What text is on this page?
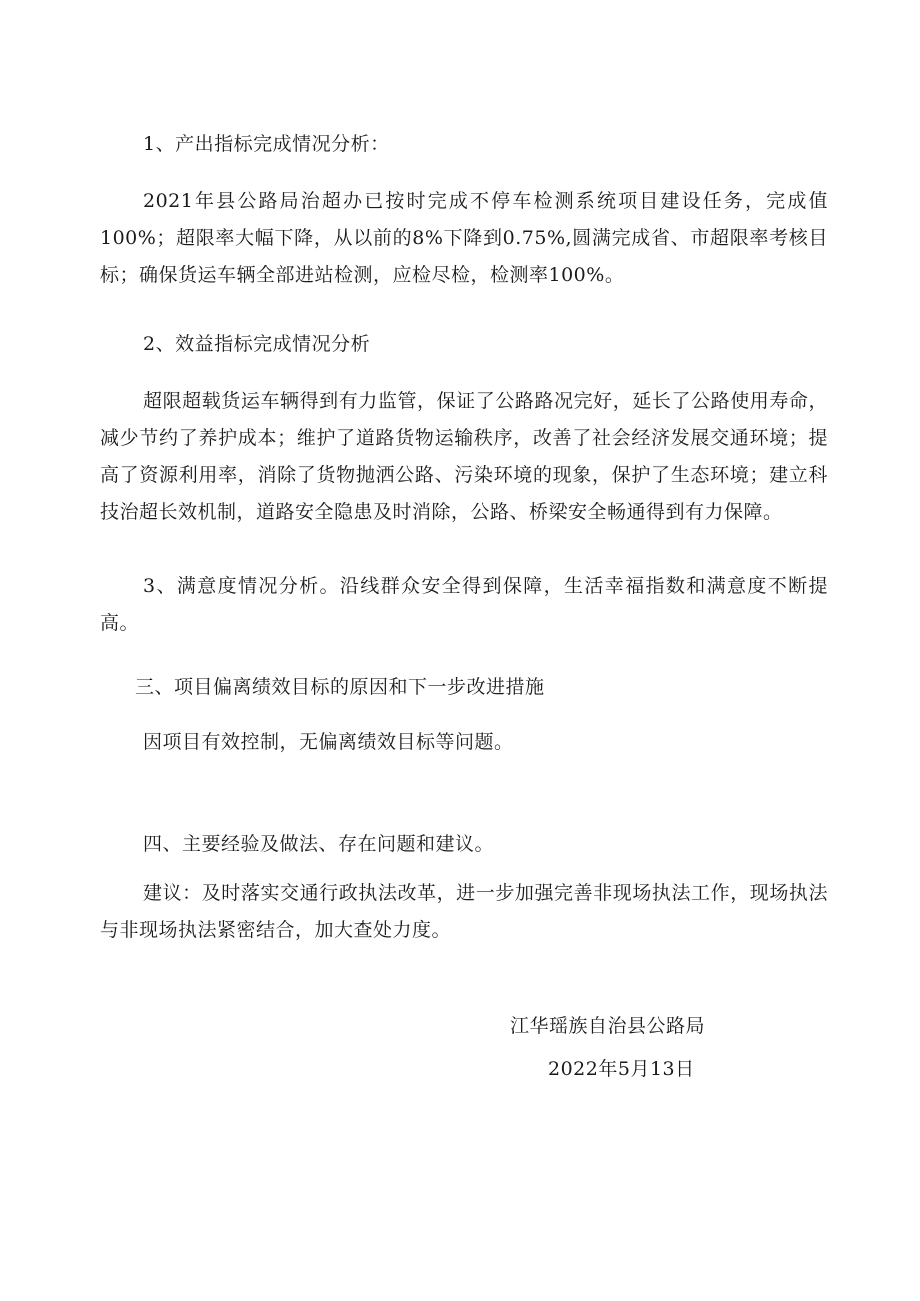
1、产出指标完成情况分析：

2021年县公路局治超办已按时完成不停车检测系统项目建设任务，完成值100%；超限率大幅下降，从以前的8%下降到0.75%,圆满完成省、市超限率考核目标；确保货运车辆全部进站检测，应检尽检，检测率100%。

2、效益指标完成情况分析

超限超载货运车辆得到有力监管，保证了公路路况完好，延长了公路使用寿命，减少节约了养护成本；维护了道路货物运输秩序，改善了社会经济发展交通环境；提高了资源利用率，消除了货物抛洒公路、污染环境的现象，保护了生态环境；建立科技治超长效机制，道路安全隐患及时消除，公路、桥梁安全畅通得到有力保障。

3、满意度情况分析。沿线群众安全得到保障，生活幸福指数和满意度不断提高。

三、项目偏离绩效目标的原因和下一步改进措施
因项目有效控制，无偏离绩效目标等问题。
四、主要经验及做法、存在问题和建议。

建议：及时落实交通行政执法改革，进一步加强完善非现场执法工作，现场执法与非现场执法紧密结合，加大查处力度。

江华瑶族自治县公路局
2022年5月13日
